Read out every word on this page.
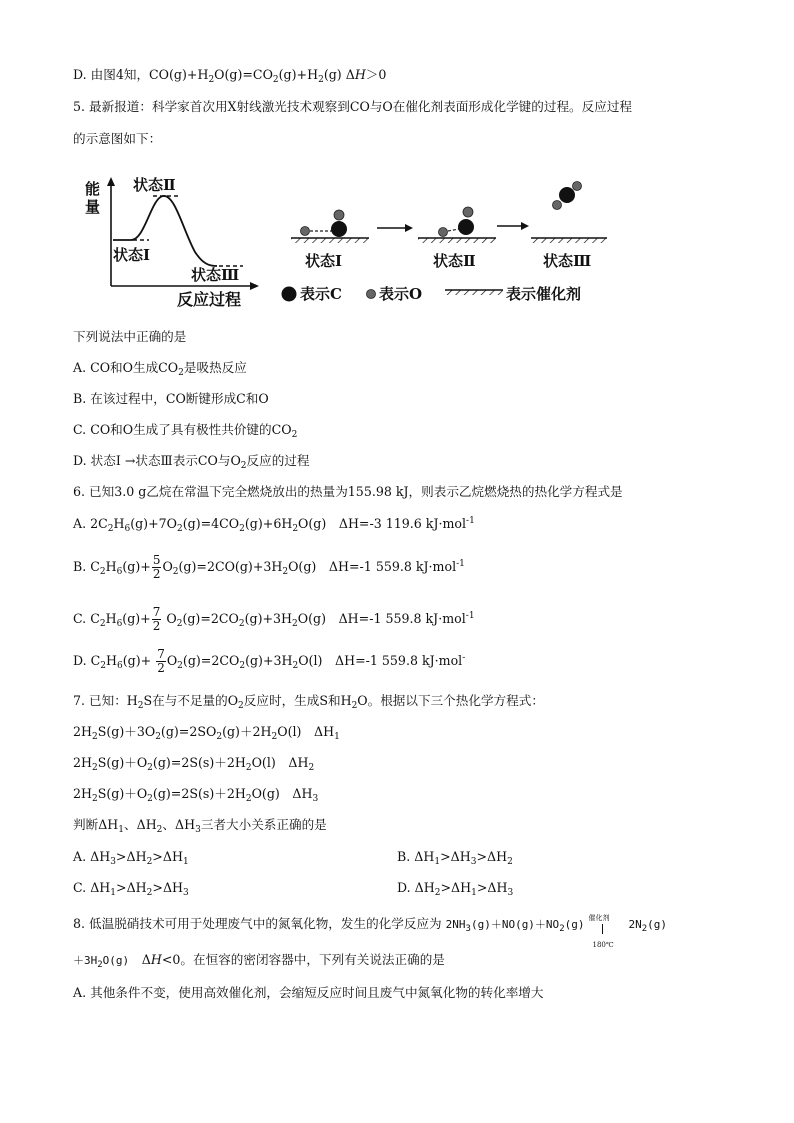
D. 由图4知，$CO(g)+H_2O(g)=CO_2(g)+H_2(g)$ ΔH＞0
5. 最新报道：科学家首次用X射线激光技术观察到CO与O在催化剂表面形成化学键的过程。反应过程
的示意图如下：
能
量
状态Ⅰ
状态Ⅱ
状态Ⅲ
反应过程
状态Ⅰ	状态Ⅱ	状态Ⅲ
表示C 表示O	表示催化剂
下列说法中正确的是
A. CO和O生成$CO_2$是吸热反应
B. 在该过程中，CO断键形成C和O
C. CO和O生成了具有极性共价键的$CO_2$
D. 状态Ⅰ →状态Ⅲ表示CO与$O_2$反应的过程
6. 已知3.0 g乙烷在常温下完全燃烧放出的热量为155.98 kJ，则表示乙烷燃烧热的热化学方程式是
A. $2C_2H_6(g)+7O_2(g)=4CO_2(g)+6H_2O(g)$　ΔH=-3 119.6 kJ·mol$^{-1}$
B. $C_2H_6(g)+ \frac{5}{2} O_2(g)=2CO(g)+3H_2O(g)$　ΔH=-1 559.8 kJ·mol$^{-1}$
C. $C_2H_6(g)+ \frac{7}{2} O_2(g)=2CO_2(g)+3H_2O(g)$　ΔH=-1 559.8 kJ·mol$^{-1}$
D. $C_2H_6(g)+ \frac{7}{2} O_2(g)=2CO_2(g)+3H_2O(l)$　ΔH=-1 559.8 kJ·mol-
7. 已知：$H_2S$在与不足量的$O_2$反应时，生成S和$H_2O$。根据以下三个热化学方程式：
$2H_2S(g)+3O_2(g)=2SO_2(g)+2H_2O(l)$　$\Delta H_1$
$2H_2S(g)+O_2(g)=2S(s)+2H_2O(l)$　$\Delta H_2$
$2H_2S(g)+O_2(g)=2S(s)+2H_2O(g)$　$\Delta H_3$
判断$\Delta H_1$、$\Delta H_2$、$\Delta H_3$三者大小关系正确的是
A. $\Delta H_3>\Delta H_2>\Delta H_1$	B. $\Delta H_1>\Delta H_3>\Delta H_2$
C. $\Delta H_1>\Delta H_2>\Delta H_3$	D. $\Delta H_2>\Delta H_1>\Delta H_3$
8. 低温脱硝技术可用于处理废气中的氮氧化物，发生的化学反应为 $2NH_3(g)+NO(g)+NO_2(g)$
催化剂
180℃
$2N_2(g)$
$+3H_2O(g)$　ΔH<0。在恒容的密闭容器中，下列有关说法正确的是
A. 其他条件不变，使用高效催化剂，会缩短反应时间且废气中氮氧化物的转化率增大
